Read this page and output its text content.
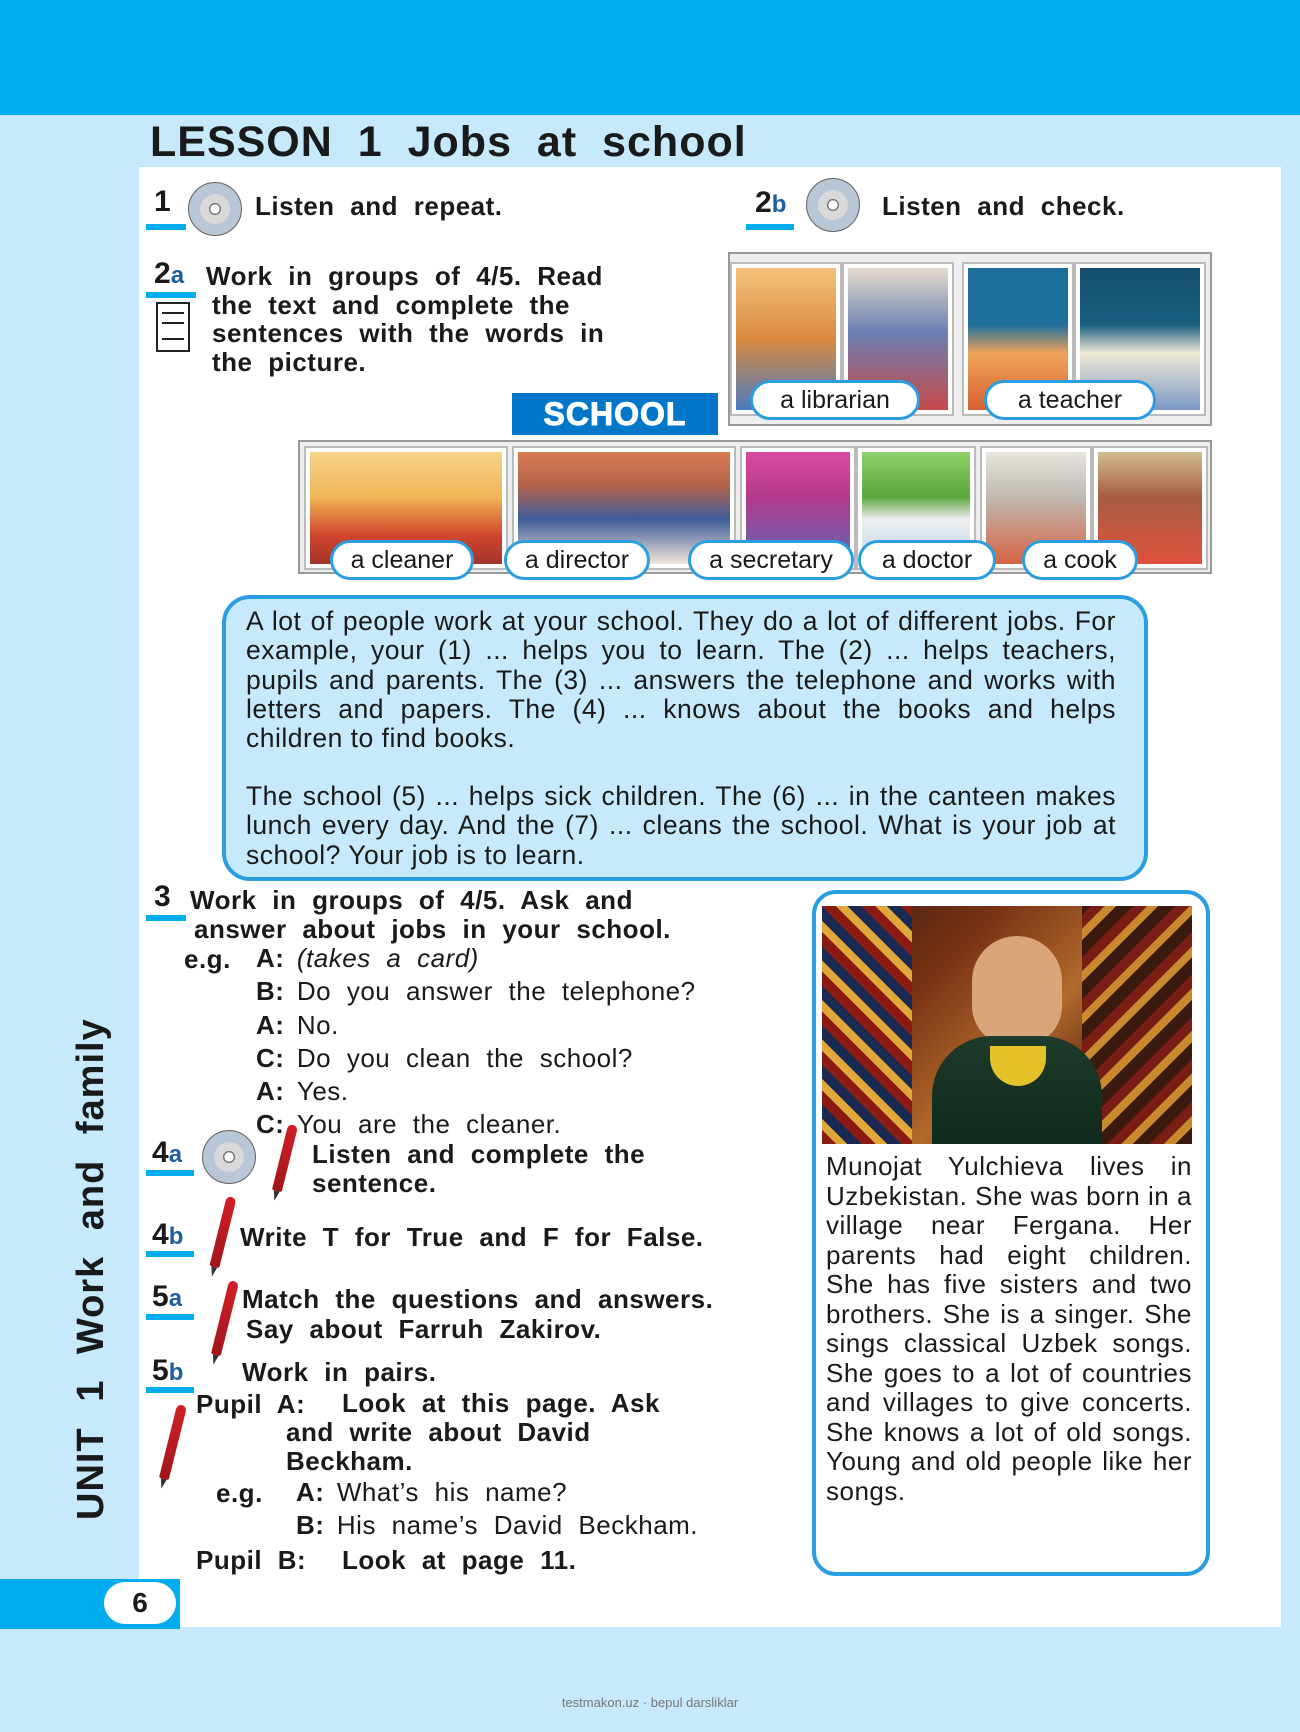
6
testmakon.uz · bepul darsliklar
LESSON 1 Jobs at school
UNIT 1 Work and family
1	Listen and repeat.	2b	Listen and check.
2a Work in groups of 4/5. Read
the text and complete the
sentences with the words in
the picture.
SCHOOL	a librarian	a teacher
a cleaner	a director	a secretary	a doctor	a cook

A lot of people work at your school. They do a lot of different jobs. For example, your (1) ... helps you to learn. The (2) ... helps teachers, pupils and parents. The (3) ... answers the telephone and works with letters and papers. The (4) ... knows about the books and helps children to find books.

The school (5) ... helps sick children. The (6) ... in the canteen makes lunch every day. And the (7) ... cleans the school. What is your job at school? Your job is to learn.

3 Work in groups of 4/5. Ask and
answer about jobs in your school.
e.g. A: (takes a card)
B: Do you answer the telephone?
A: No.
C: Do you clean the school?
A: Yes.
C: You are the cleaner.
4a	Listen and complete the
sentence.
4b Write T for True and F for False.
5a Match the questions and answers.
Say about Farruh Zakirov.
5b Work in pairs.
Pupil A: Look at this page. Ask
and write about David
Beckham.
e.g. A: What’s his name?
B: His name’s David Beckham.
Pupil B: Look at page 11.
Munojat Yulchieva lives in Uzbekistan. She was born in a village near Fergana. Her parents had eight children. She has five sisters and two brothers. She is a singer. She sings classical Uzbek songs. She goes to a lot of countries and villages to give concerts. She knows a lot of old songs. Young and old people like her songs.
